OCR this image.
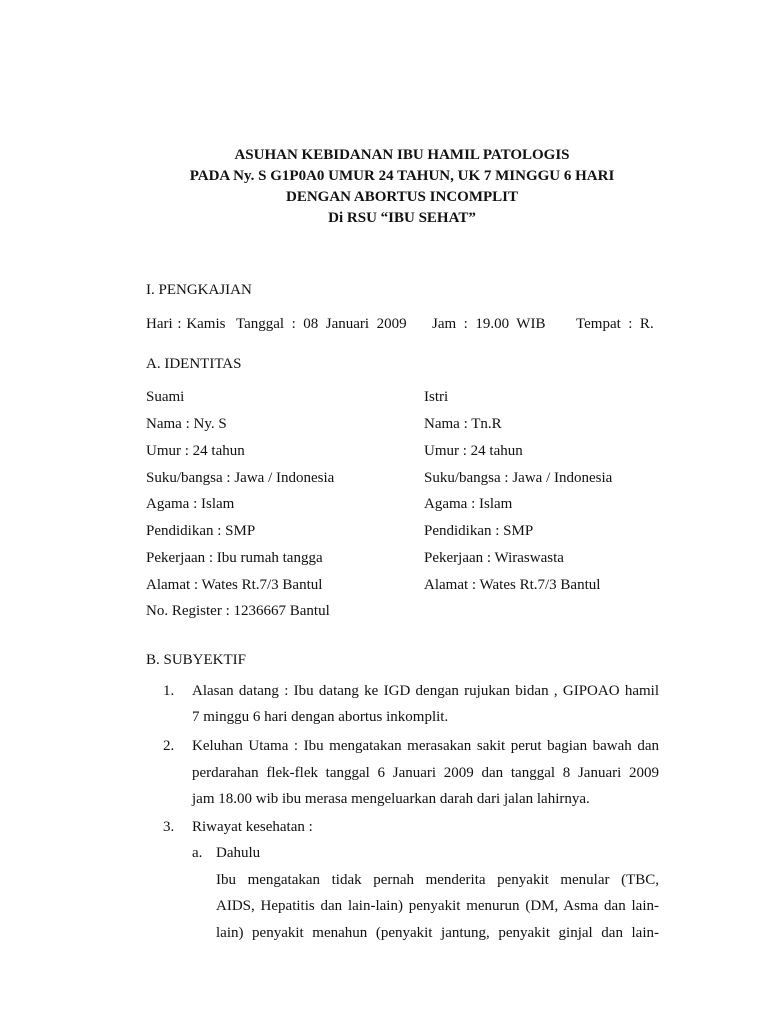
ASUHAN KEBIDANAN IBU HAMIL PATOLOGIS
PADA Ny. S G1P0A0 UMUR 24 TAHUN, UK 7 MINGGU 6 HARI
DENGAN ABORTUS INCOMPLIT
Di RSU “IBU SEHAT”
I. PENGKAJIAN
Hari : Kamis Tanggal  :  08  Januari  2009 Jam  :  19.00  WIB Tempat  :  R.
A. IDENTITAS
Suami
Nama : Ny. S
Umur : 24 tahun
Suku/bangsa : Jawa / Indonesia
Agama : Islam
Pendidikan : SMP
Pekerjaan : Ibu rumah tangga
Alamat : Wates Rt.7/3 Bantul
No. Register : 1236667 Bantul
Istri
Nama : Tn.R
Umur : 24 tahun
Suku/bangsa : Jawa / Indonesia
Agama : Islam
Pendidikan : SMP
Pekerjaan : Wiraswasta
Alamat : Wates Rt.7/3 Bantul
B. SUBYEKTIF
1. Alasan datang : Ibu datang ke IGD dengan rujukan bidan , GIPOAO hamil
7 minggu 6 hari dengan abortus inkomplit.
2. Keluhan Utama : Ibu mengatakan merasakan sakit perut bagian bawah dan
perdarahan flek-flek tanggal 6 Januari 2009 dan tanggal 8 Januari 2009
jam 18.00 wib ibu merasa mengeluarkan darah dari jalan lahirnya.
3. Riwayat kesehatan :
a. Dahulu
Ibu mengatakan tidak pernah menderita penyakit menular (TBC,
AIDS, Hepatitis dan lain-lain) penyakit menurun (DM, Asma dan lain-
lain) penyakit menahun (penyakit jantung, penyakit ginjal dan lain-
